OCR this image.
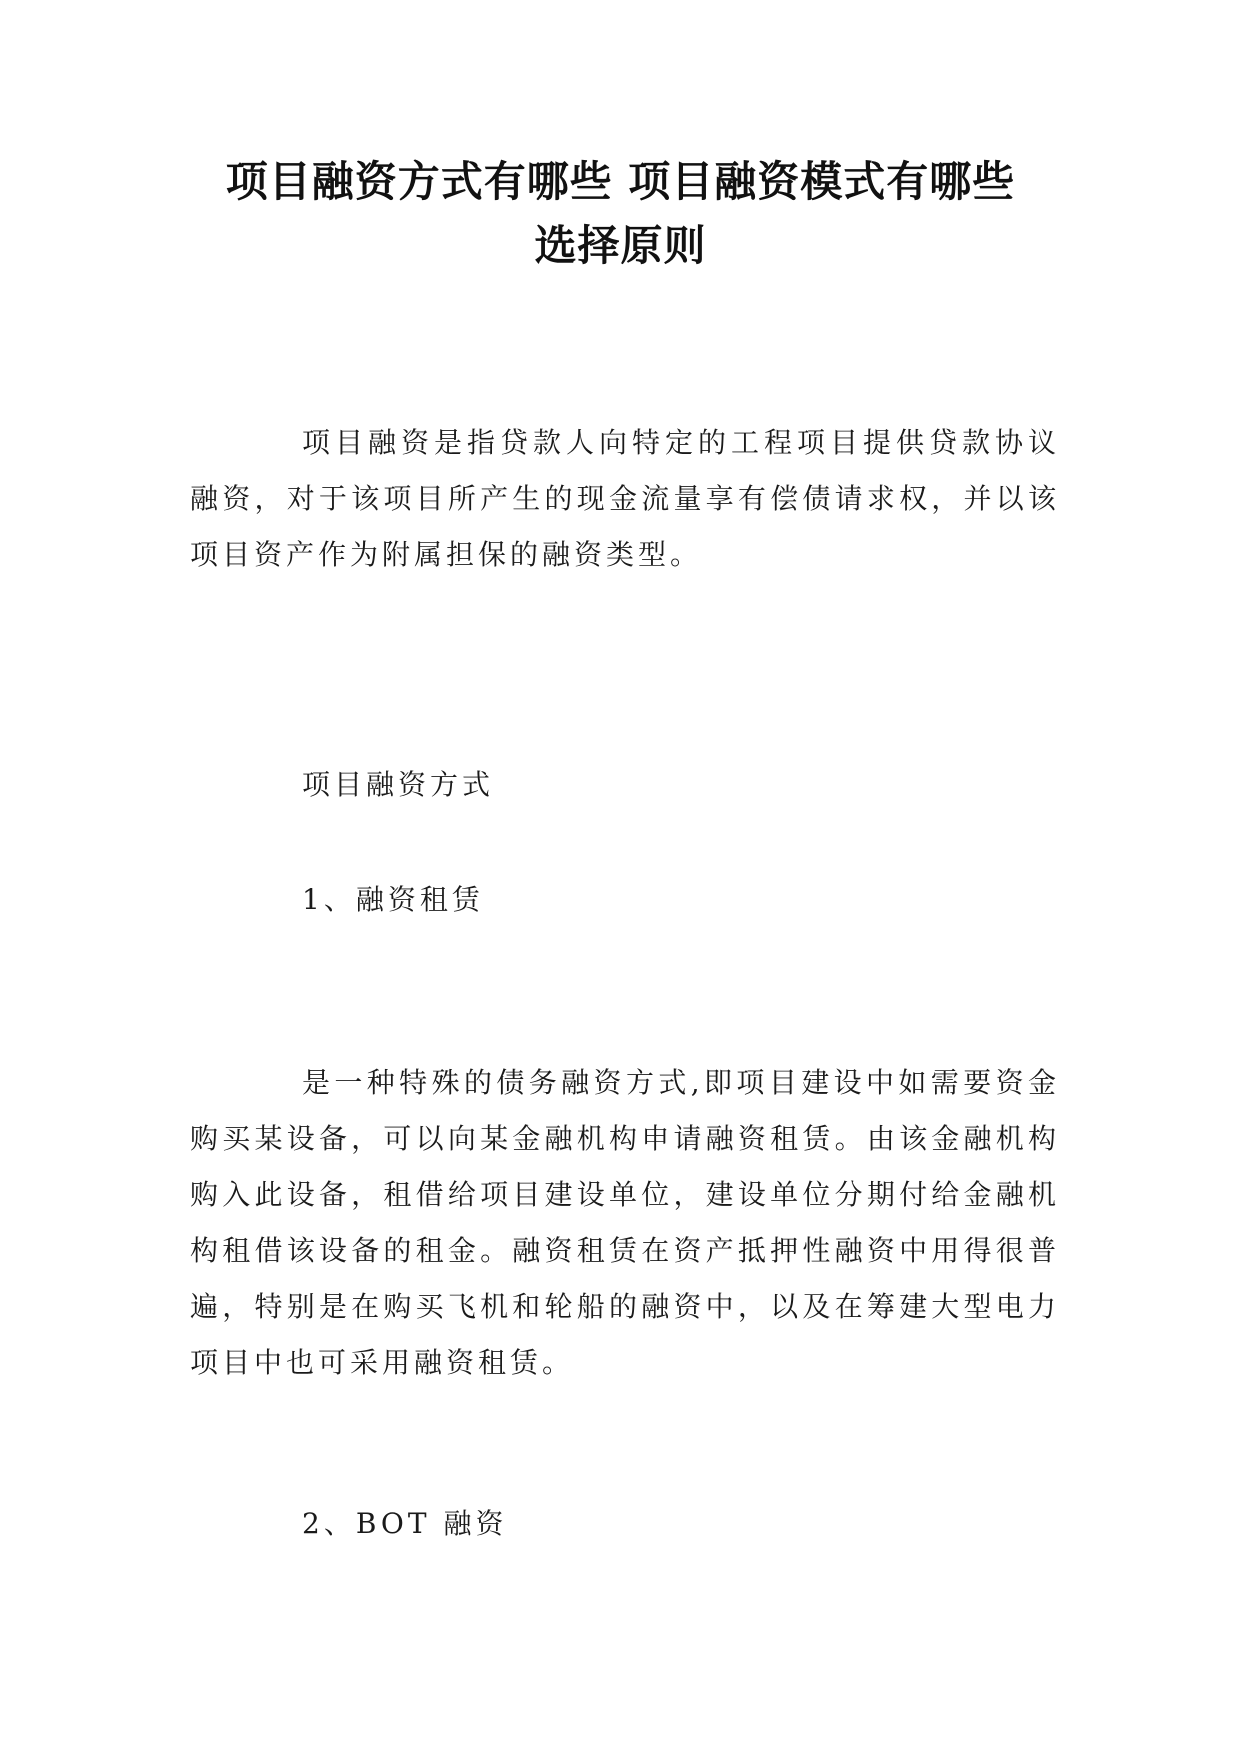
项目融资方式有哪些 项目融资模式有哪些
选择原则

项目融资是指贷款人向特定的工程项目提供贷款协议融资，对于该项目所产生的现金流量享有偿债请求权，并以该项目资产作为附属担保的融资类型。

项目融资方式

1、融资租赁

是一种特殊的债务融资方式,即项目建设中如需要资金购买某设备，可以向某金融机构申请融资租赁。由该金融机构购入此设备，租借给项目建设单位，建设单位分期付给金融机构租借该设备的租金。融资租赁在资产抵押性融资中用得很普遍，特别是在购买飞机和轮船的融资中，以及在筹建大型电力项目中也可采用融资租赁。

2、BOT 融资
